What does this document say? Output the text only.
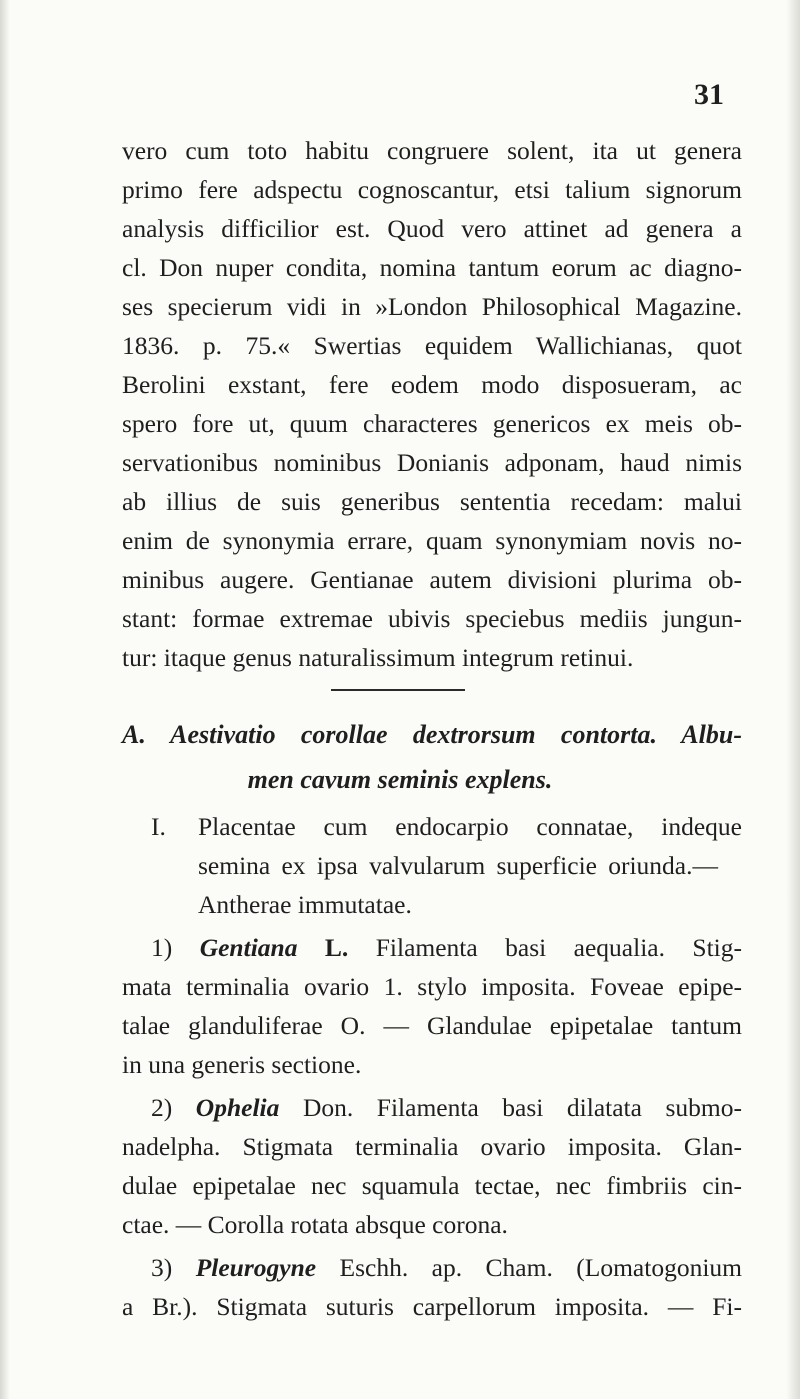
31
vero cum toto habitu congruere solent, ita ut genera
primo fere adspectu cognoscantur, etsi talium signorum
analysis difficilior est. Quod vero attinet ad genera a
cl. Don nuper condita, nomina tantum eorum ac diagno-
ses specierum vidi in »London Philosophical Magazine.
1836. p. 75.« Swertias equidem Wallichianas, quot
Berolini exstant, fere eodem modo disposueram, ac
spero fore ut, quum characteres genericos ex meis ob-
servationibus nominibus Donianis adponam, haud nimis
ab illius de suis generibus sententia recedam: malui
enim de synonymia errare, quam synonymiam novis no-
minibus augere. Gentianae autem divisioni plurima ob-
stant: formae extremae ubivis speciebus mediis jungun-
tur: itaque genus naturalissimum integrum retinui.
A. Aestivatio corollae dextrorsum contorta. Albu-
men cavum seminis explens.
I. Placentae cum endocarpio connatae, indeque
semina ex ipsa valvularum superficie oriunda.—
Antherae immutatae.
1) Gentiana L. Filamenta basi aequalia. Stig-
mata terminalia ovario 1. stylo imposita. Foveae epipe-
talae glanduliferae O. — Glandulae epipetalae tantum
in una generis sectione.
2) Ophelia Don. Filamenta basi dilatata submo-
nadelpha. Stigmata terminalia ovario imposita. Glan-
dulae epipetalae nec squamula tectae, nec fimbriis cin-
ctae. — Corolla rotata absque corona.
3) Pleurogyne Eschh. ap. Cham. (Lomatogonium
a Br.). Stigmata suturis carpellorum imposita. — Fi-
